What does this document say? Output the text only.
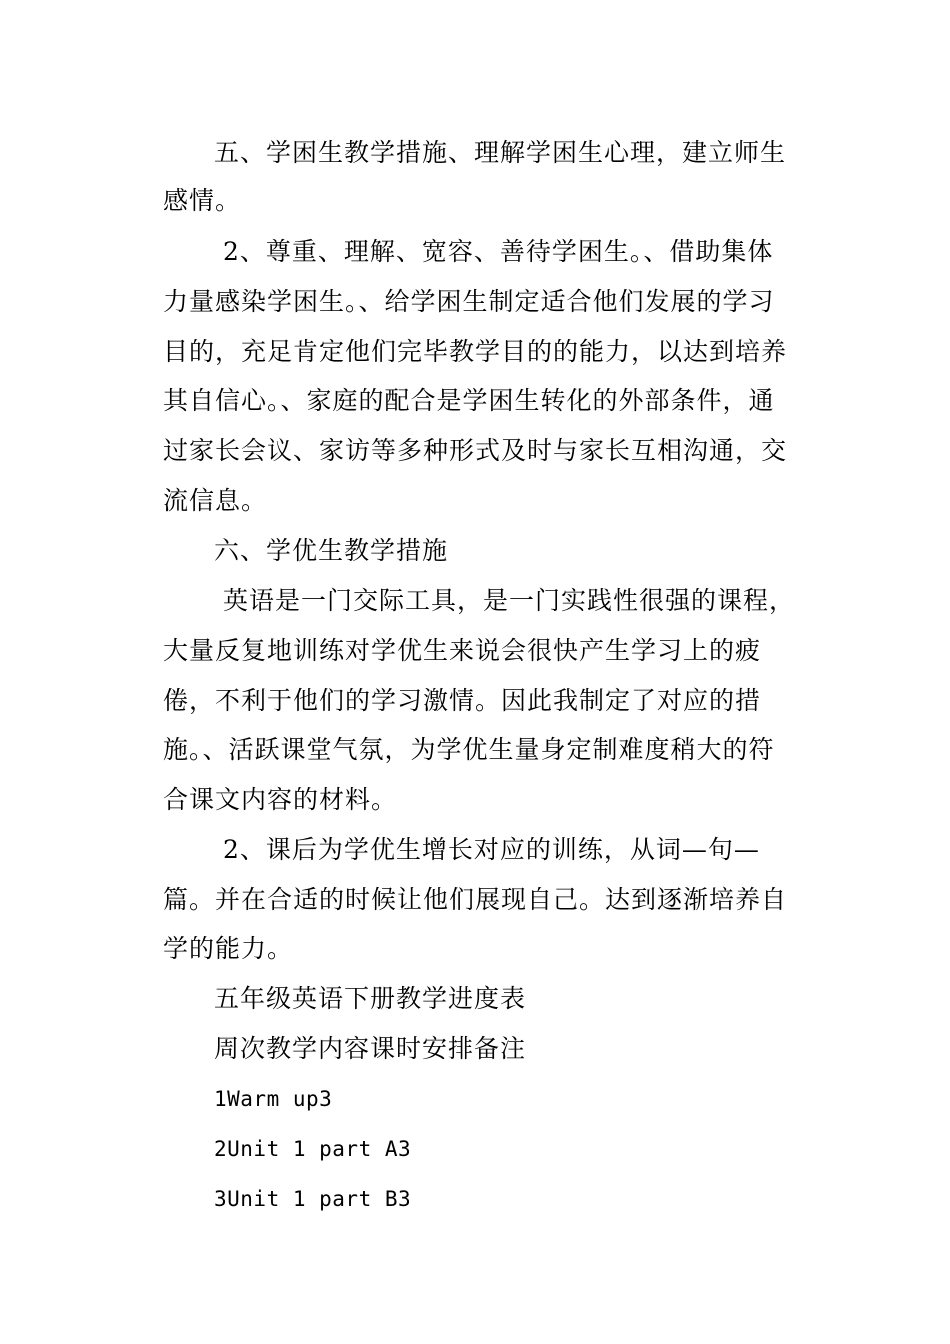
五、学困生教学措施、理解学困生心理，建立师生
感情。
2、尊重、理解、宽容、善待学困生。、借助集体
力量感染学困生。、给学困生制定适合他们发展的学习
目的，充足肯定他们完毕教学目的的能力，以达到培养
其自信心。、家庭的配合是学困生转化的外部条件，通
过家长会议、家访等多种形式及时与家长互相沟通，交
流信息。
六、学优生教学措施
英语是一门交际工具，是一门实践性很强的课程，
大量反复地训练对学优生来说会很快产生学习上的疲
倦，不利于他们的学习激情。因此我制定了对应的措
施。、活跃课堂气氛，为学优生量身定制难度稍大的符
合课文内容的材料。
2、课后为学优生增长对应的训练，从词—句—
篇。并在合适的时候让他们展现自己。达到逐渐培养自
学的能力。
五年级英语下册教学进度表
周次教学内容课时安排备注
1Warm up3
2Unit 1 part A3
3Unit 1 part B3
